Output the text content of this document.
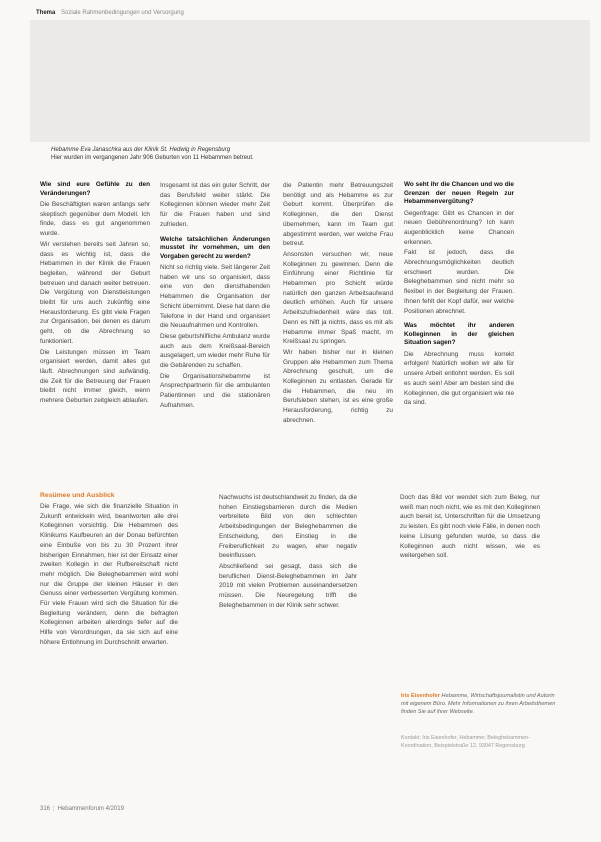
Thema Soziale Rahmenbedingungen und Versorgung
Hebamme Eva Janaschka aus der Klinik St. Hedwig in Regensburg
Hier wurden im vergangenen Jahr 906 Geburten von 11 Hebammen betreut.
Wie sind eure Gefühle zu den Veränderungen?

Die Beschäftigten waren anfangs sehr skeptisch gegenüber dem Modell. Ich finde, dass es gut angenommen wurde.

Wir verstehen bereits seit Jahren so, dass es wichtig ist, dass die Hebammen in der Klinik die Frauen begleiten, während der Geburt betreuen und danach weiter betreuen. Die Vergütung von Dienstleistungen bleibt für uns auch zukünftig eine Herausforderung. Es gibt viele Fragen zur Organisation, bei denen es darum geht, ob die Abrechnung so funktioniert.

Die Leistungen müssen im Team organisiert werden, damit alles gut läuft. Abrechnungen sind aufwändig, die Zeit für die Betreuung der Frauen bleibt nicht immer gleich, wenn mehrere Geburten zeitgleich ablaufen.

Insgesamt ist das ein guter Schritt, der das Berufsfeld weiter stärkt. Die Kolleginnen können wieder mehr Zeit für die Frauen haben und sind zufrieden.

Welche tatsächlichen Änderungen musstet ihr vornehmen, um den Vorgaben gerecht zu werden?

Nicht so richtig viele. Seit längerer Zeit haben wir uns so organisiert, dass eine von den diensthabenden Hebammen die Organisation der Schicht übernimmt. Diese hat dann die Telefone in der Hand und organisiert die Neuaufnahmen und Kontrollen.

Diese geburtshilfliche Ambulanz wurde auch aus dem Kreißsaal-Bereich ausgelagert, um wieder mehr Ruhe für die Gebärenden zu schaffen.

Die Organisationshebamme ist Ansprechpartnerin für die ambulanten Patientinnen und die stationären Aufnahmen.

die Patientin mehr Betreuungszeit benötigt und als Hebamme es zur Geburt kommt. Überprüfen die Kolleginnen, die den Dienst übernehmen, kann im Team gut abgestimmt werden, wer welche Frau betreut.

Ansonsten versuchen wir, neue Kolleginnen zu gewinnen. Denn die Einführung einer Richtlinie für Hebammen pro Schicht würde natürlich den ganzen Arbeitsaufwand deutlich erhöhen. Auch für unsere Arbeitszufriedenheit wäre das toll. Denn es hilft ja nichts, dass es mit als Hebamme immer Spaß macht, im Kreißsaal zu springen.

Wir haben bisher nur in kleinen Gruppen alle Hebammen zum Thema Abrechnung geschult, um die Kolleginnen zu entlasten. Gerade für die Hebammen, die neu im Berufsleben stehen, ist es eine große Herausforderung, richtig zu abrechnen.

Wo seht ihr die Chancen und wo die Grenzen der neuen Regeln zur Hebammenvergütung?

Gegenfrage: Gibt es Chancen in der neuen Gebührenordnung? Ich kann augenblicklich keine Chancen erkennen.

Fakt ist jedoch, dass die Abrechnungsmöglichkeiten deutlich erschwert wurden. Die Beleghebammen sind nicht mehr so flexibel in der Begleitung der Frauen. Ihnen fehlt der Kopf dafür, wer welche Positionen abrechnet.

Was möchtet ihr anderen Kolleginnen in der gleichen Situation sagen?

Die Abrechnung muss korrekt erfolgen! Natürlich wollen wir alle für unsere Arbeit entlohnt werden. Es soll es auch sein! Aber am besten sind die Kolleginnen, die gut organisiert wie nie da sind.

Resümee und Ausblick

Die Frage, wie sich die finanzielle Situation in Zukunft entwickeln wird, beantworten alle drei Kolleginnen vorsichtig. Die Hebammen des Klinikums Kaufbeuren an der Donau befürchten eine Einbuße von bis zu 30 Prozent ihrer bisherigen Einnahmen, hier ist der Einsatz einer zweiten Kollegin in der Rufbereitschaft nicht mehr möglich. Die Beleghebammen wird wohl nur die Gruppe der kleinen Häuser in den Genuss einer verbesserten Vergütung kommen. Für viele Frauen wird sich die Situation für die Begleitung verändern, denn die befragten Kolleginnen arbeiten allerdings tiefer auf die Hilfe von Verordnungen, da sie sich auf eine höhere Entlohnung im Durchschnitt erwarten.

Nachwuchs ist deutschlandweit zu finden, da die hohen Einstiegsbarrieren durch die Medien verbreitete Bild von den schlechten Arbeitsbedingungen der Beleghebammen die Entscheidung, den Einstieg in die Freiberuflichkeit zu wagen, eher negativ beeinflussen.

Abschließend sei gesagt, dass sich die beruflichen Dienst-Beleghebammen im Jahr 2019 mit vielen Problemen auseinandersetzen müssen. Die Neuregelung trifft die Beleghebammen in der Klinik sehr schwer.

Doch das Bild vor wendet sich zum Beleg, nur weiß man noch nicht, wie es mit den Kolleginnen auch bereit ist, Unterschriften für die Umsetzung zu leisten. Es gibt noch viele Fälle, in denen noch keine Lösung gefunden wurde, so dass die Kolleginnen auch nicht wissen, wie es weitergehen soll.

Iris Eisenhofer Hebamme, Wirtschaftsjournalistin und Autorin mit eigenem Büro. Mehr Informationen zu ihren Arbeitsthemen finden Sie auf ihrer Webseite.
Kontakt: Iris Eisenhofer, Hebamme; Beleghebammen-Koordination, Beispielstraße 12, 93047 Regensburg
316 | Hebammenforum 4/2019
